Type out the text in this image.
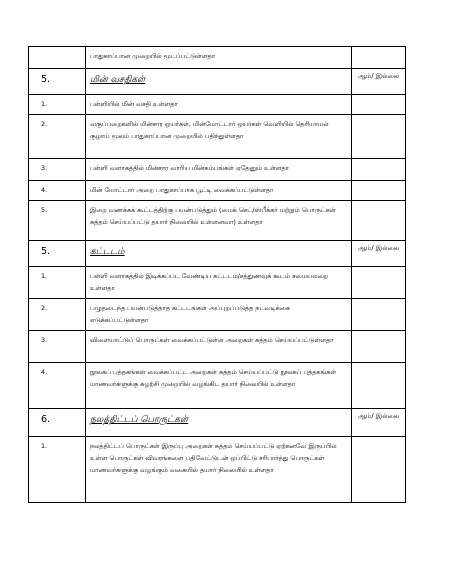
	பாதுகாப்பான முறையில் மூடப்பட்டுள்ளதா	
5.	மின் வசதிகள்	ஆம்/ இல்லை
1.	பள்ளியில் மின் வசதி உள்ளதா	
2.	வகுப்பறைகளில் மின்சார ஒயர்கள், மின்மோட்டார் ஒயர்கள் வெளியில் தெரியாமல் குழாய் மூலம் பாதுகாப்பான முறையில் பதிந்துள்ளதா	
3.	பள்ளி வளாகத்தில் மின்சார வாரிய மின்கம்பங்கள் ஏதேனும் உள்ளதா	
4.	மின் மோட்டார் அறை பாதுகாப்பாக பூட்டி வைக்கப்பட்டுள்ளதா	
5.	இறை வணக்கக் கூட்டத்திற்கு பயன்படுத்தும் (மைக் செட்/ஸ்பீக்கர் மற்றும் பொருட்கள் சுத்தம் செய்யப்பட்டு தயார் நிலையில் உள்ளனவா) உள்ளதா	
5.	கட்டடம்	ஆம்/ இல்லை
1.	பள்ளி வளாகத்தில் இடிக்கப்பட வேண்டிய கட்டடம்/சத்துணவுக் கூடம் சமையலறை உள்ளதா	
2.	பழுதடைந்த பயன்படுத்தாத கட்டடங்கள் அப்புறப்படுத்த நடவடிக்கை எடுக்கப்பட்டுள்ளதா	
3.	விளையாட்டுப் பொருட்கள் வைக்கப்பட்டுள்ள அறைகள் சுத்தம் செய்யப்பட்டுள்ளதா	
4.	நூலகப் புத்தகங்கள் வைக்கப்பட்ட அறைகள் சுத்தம் செய்யப்பட்டு நூலகப் புத்தகங்கள் மாணவர்களுக்கு சுழற்சி முறையில் வழங்கிட தயார் நிலையில் உள்ளதா	
6.	நலத்திட்டப் பொருட்கள்	ஆம்/ இல்லை
1.	நலத்திட்டப் பொருட்கள் இருப்பு அறைகள் சுத்தம் செய்யப்பட்டு ஏற்கனவே இருப்பில் உள்ள பொருட்கள் விவரங்களை பதிவேட்டுடன் ஒப்பிட்டு சரிபார்த்து பொருட்கள் மாணவர்களுக்கு வழங்கும் வகையில் தயார் நிலையில் உள்ளதா	
